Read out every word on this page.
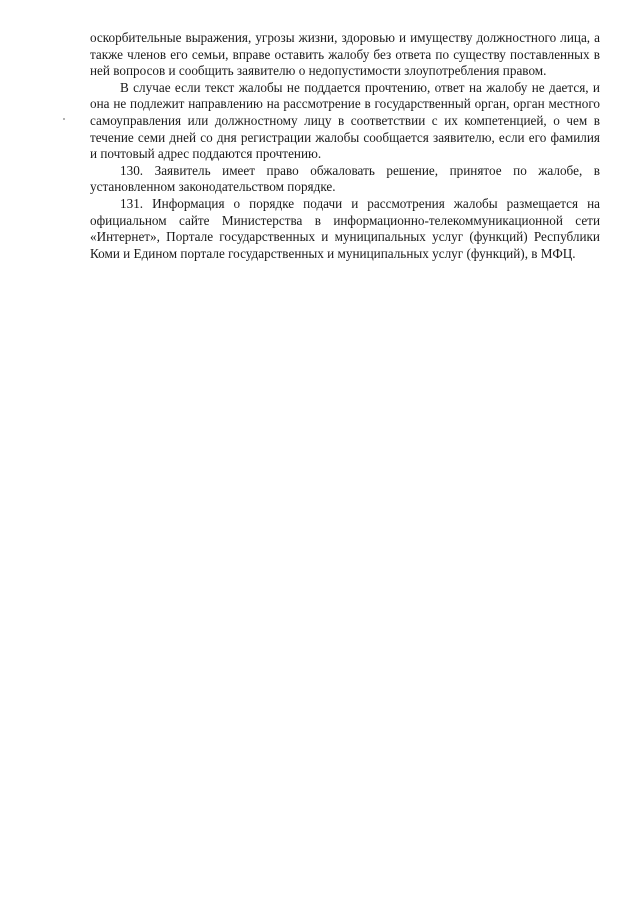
оскорбительные выражения, угрозы жизни, здоровью и имуществу должностного лица, а также членов его семьи, вправе оставить жалобу без ответа по существу поставленных в ней вопросов и сообщить заявителю о недопустимости злоупотребления правом.

В случае если текст жалобы не поддается прочтению, ответ на жалобу не дается, и она не подлежит направлению на рассмотрение в государственный орган, орган местного самоуправления или должностному лицу в соответствии с их компетенцией, о чем в течение семи дней со дня регистрации жалобы сообщается заявителю, если его фамилия и почтовый адрес поддаются прочтению.

130. Заявитель имеет право обжаловать решение, принятое по жалобе, в установленном законодательством порядке.

131. Информация о порядке подачи и рассмотрения жалобы размещается на официальном сайте Министерства в информационно-телекоммуникационной сети «Интернет», Портале государственных и муниципальных услуг (функций) Республики Коми и Едином портале государственных и муниципальных услуг (функций), в МФЦ.
